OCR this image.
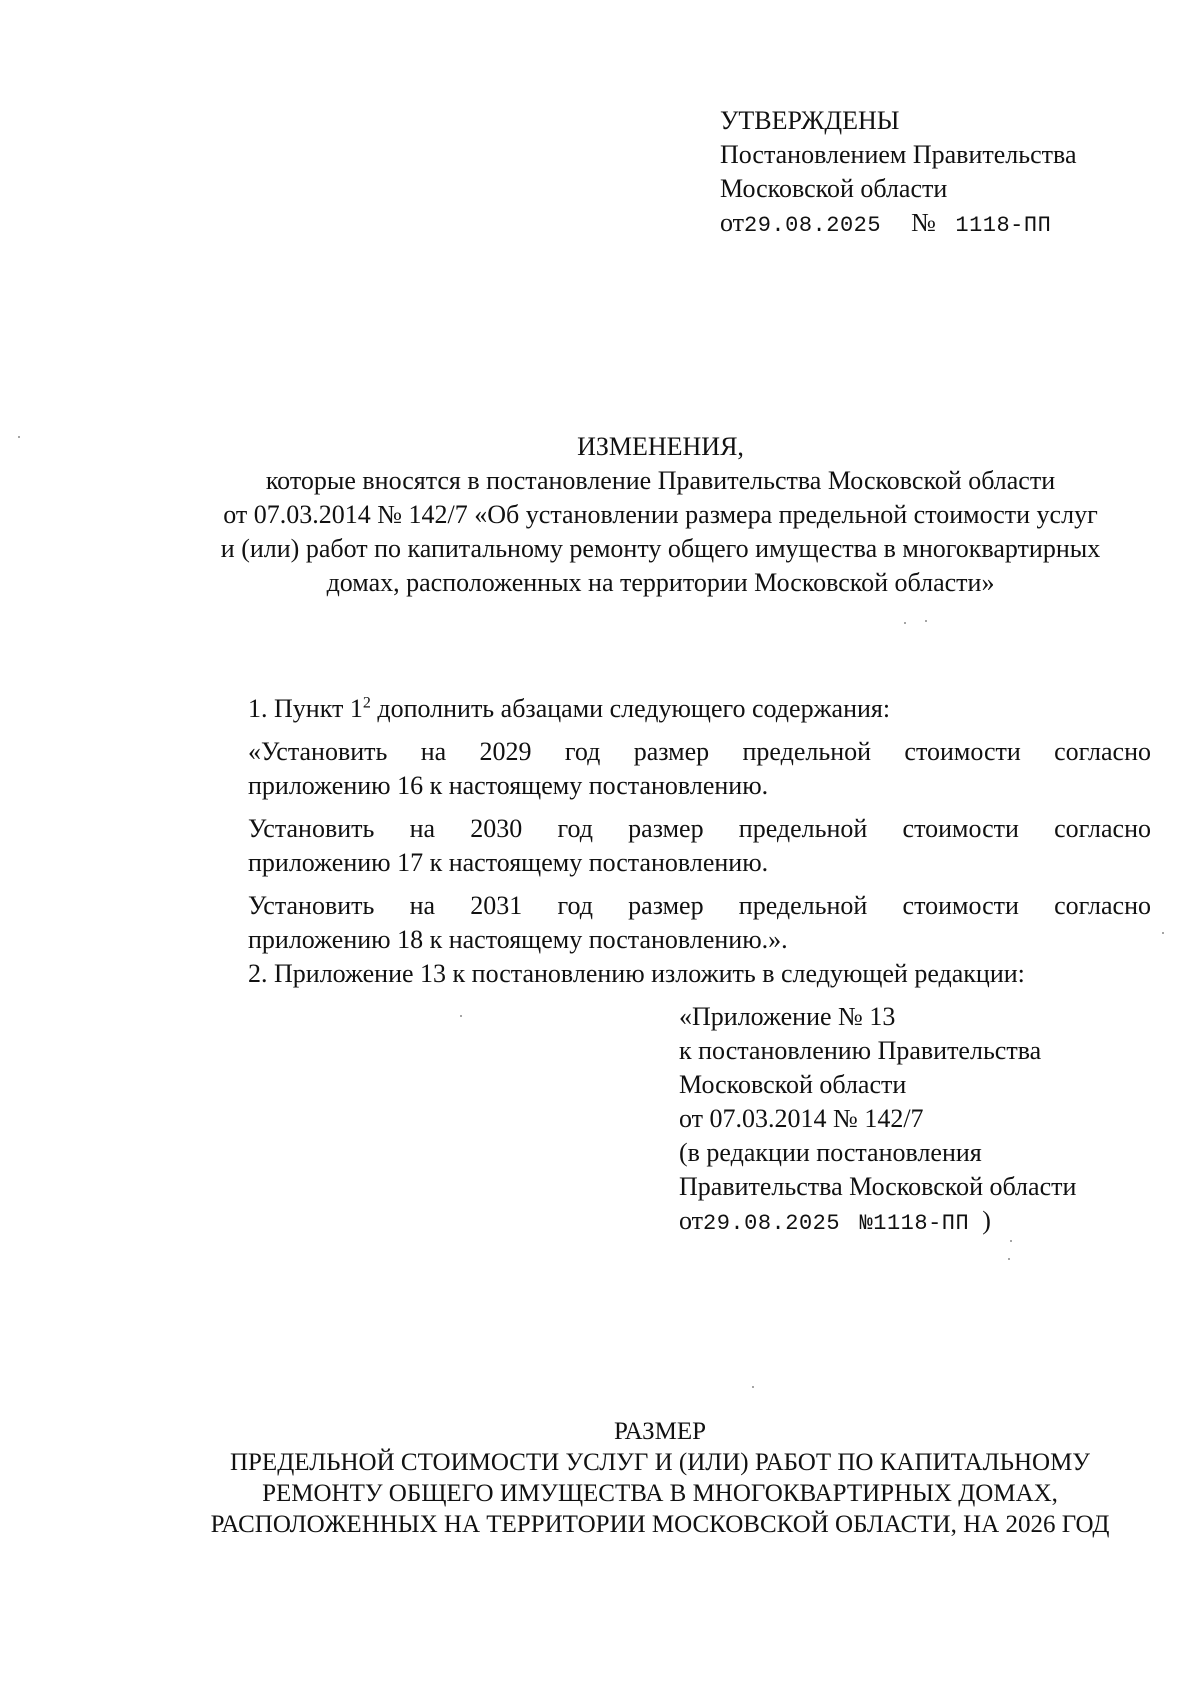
УТВЕРЖДЕНЫ
Постановлением Правительства
Московской области
от29.08.2025 № 1118-ПП
ИЗМЕНЕНИЯ,
которые вносятся в постановление Правительства Московской области
от 07.03.2014 № 142/7 «Об установлении размера предельной стоимости услуг
и (или) работ по капитальному ремонту общего имущества в многоквартирных
домах, расположенных на территории Московской области»
1. Пункт $1^2$ дополнить абзацами следующего содержания:
«Установить на 2029 год размер предельной стоимости согласно
приложению 16 к настоящему постановлению.
Установить на 2030 год размер предельной стоимости согласно
приложению 17 к настоящему постановлению.
Установить на 2031 год размер предельной стоимости согласно
приложению 18 к настоящему постановлению.».
2. Приложение 13 к постановлению изложить в следующей редакции:
«Приложение № 13
к постановлению Правительства
Московской области
от 07.03.2014 № 142/7
(в редакции постановления
Правительства Московской области
от29.08.2025 №1118-ПП )
РАЗМЕР
ПРЕДЕЛЬНОЙ СТОИМОСТИ УСЛУГ И (ИЛИ) РАБОТ ПО КАПИТАЛЬНОМУ
РЕМОНТУ ОБЩЕГО ИМУЩЕСТВА В МНОГОКВАРТИРНЫХ ДОМАХ,
РАСПОЛОЖЕННЫХ НА ТЕРРИТОРИИ МОСКОВСКОЙ ОБЛАСТИ, НА 2026 ГОД
